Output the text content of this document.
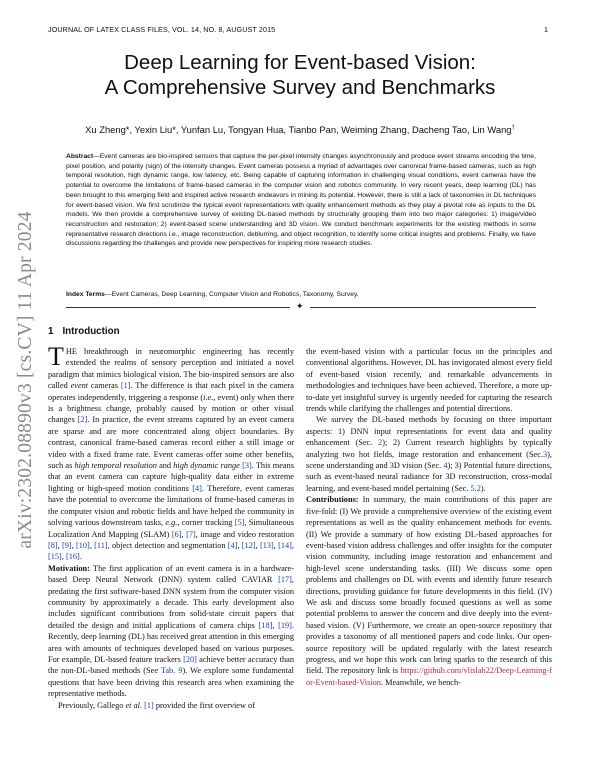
JOURNAL OF LATEX CLASS FILES, VOL. 14, NO. 8, AUGUST 2015	1
arXiv:2302.08890v3 [cs.CV] 11 Apr 2024
Deep Learning for Event-based Vision:
A Comprehensive Survey and Benchmarks
Xu Zheng*, Yexin Liu*, Yunfan Lu, Tongyan Hua, Tianbo Pan, Weiming Zhang, Dacheng Tao, Lin Wang†
Abstract—Event cameras are bio-inspired sensors that capture the per-pixel intensity changes asynchronously and produce event streams encoding the time, pixel position, and polarity (sign) of the intensity changes. Event cameras possess a myriad of advantages over canonical frame-based cameras, such as high temporal resolution, high dynamic range, low latency, etc. Being capable of capturing information in challenging visual conditions, event cameras have the potential to overcome the limitations of frame-based cameras in the computer vision and robotics community. In very recent years, deep learning (DL) has been brought to this emerging field and inspired active research endeavors in mining its potential. However, there is still a lack of taxonomies in DL techniques for event-based vision. We first scrutinize the typical event representations with quality enhancement methods as they play a pivotal role as inputs to the DL models. We then provide a comprehensive survey of existing DL-based methods by structurally grouping them into two major categories: 1) image/video reconstruction and restoration; 2) event-based scene understanding and 3D vision. We conduct benchmark experiments for the existing methods in some representative research directions i.e., image reconstruction, deblurring, and object recognition, to identify some critical insights and problems. Finally, we have discussions regarding the challenges and provide new perspectives for inspiring more research studies.
Index Terms—Event Cameras, Deep Learning, Computer Vision and Robotics, Taxonomy, Survey.
✦
1 Introduction

THE breakthrough in neuromorphic engineering has recently extended the realms of sensory perception and initiated a novel paradigm that mimics biological vision. The bio-inspired sensors are also called event cameras [1]. The difference is that each pixel in the camera operates independently, triggering a response (i.e., event) only when there is a brightness change, probably caused by motion or other visual changes [2]. In practice, the event streams captured by an event camera are sparse and are more concentrated along object boundaries. By contrast, canonical frame-based cameras record either a still image or video with a fixed frame rate. Event cameras offer some other benefits, such as high temporal resolution and high dynamic range [3]. This means that an event camera can capture high-quality data either in extreme lighting or high-speed motion conditions [4]. Therefore, event cameras have the potential to overcome the limitations of frame-based cameras in the computer vision and robotic fields and have helped the community in solving various downstream tasks, e.g., corner tracking [5], Simultaneous Localization And Mapping (SLAM) [6], [7], image and video restoration [8], [9], [10], [11], object detection and segmentation [4], [12], [13], [14], [15], [16].

Motivation: The first application of an event camera is in a hardware-based Deep Neural Network (DNN) system called CAVIAR [17], predating the first software-based DNN system from the computer vision community by approximately a decade. This early development also includes significant contributions from solid-state circuit papers that detailed the design and initial applications of camera chips [18], [19]. Recently, deep learning (DL) has received great attention in this emerging area with amounts of techniques developed based on various purposes. For example, DL-based feature trackers [20] achieve better accuracy than the non-DL-based methods (See Tab. 9). We explore some fundamental questions that have been driving this research area when examining the representative methods.

Previously, Gallego et al. [1] provided the first overview of

the event-based vision with a particular focus on the principles and conventional algorithms. However, DL has invigorated almost every field of event-based vision recently, and remarkable advancements in methodologies and techniques have been achieved. Therefore, a more up-to-date yet insightful survey is urgently needed for capturing the research trends while clarifying the challenges and potential directions.

We survey the DL-based methods by focusing on three important aspects: 1) DNN input representations for event data and quality enhancement (Sec. 2); 2) Current research highlights by typically analyzing two hot fields, image restoration and enhancement (Sec.3), scene understanding and 3D vision (Sec. 4); 3) Potential future directions, such as event-based neural radiance for 3D reconstruction, cross-modal learning, and event-based model pertaining (Sec. 5.2).

Contributions: In summary, the main contributions of this paper are five-fold: (I) We provide a comprehensive overview of the existing event representations as well as the quality enhancement methods for events. (II) We provide a summary of how existing DL-based approaches for event-based vision address challenges and offer insights for the computer vision community, including image restoration and enhancement and high-level scene understanding tasks. (III) We discuss some open problems and challenges on DL with events and identify future research directions, providing guidance for future developments in this field. (IV) We ask and discuss some broadly focused questions as well as some potential problems to answer the concern and dive deeply into the event-based vision. (V) Furthermore, we create an open-source repository that provides a taxonomy of all mentioned papers and code links. Our open-source repository will be updated regularly with the latest research progress, and we hope this work can bring sparks to the research of this field. The repository link is https://github.com/vlislab22/Deep-Learning-for-Event-based-Vision. Meanwhile, we bench-
